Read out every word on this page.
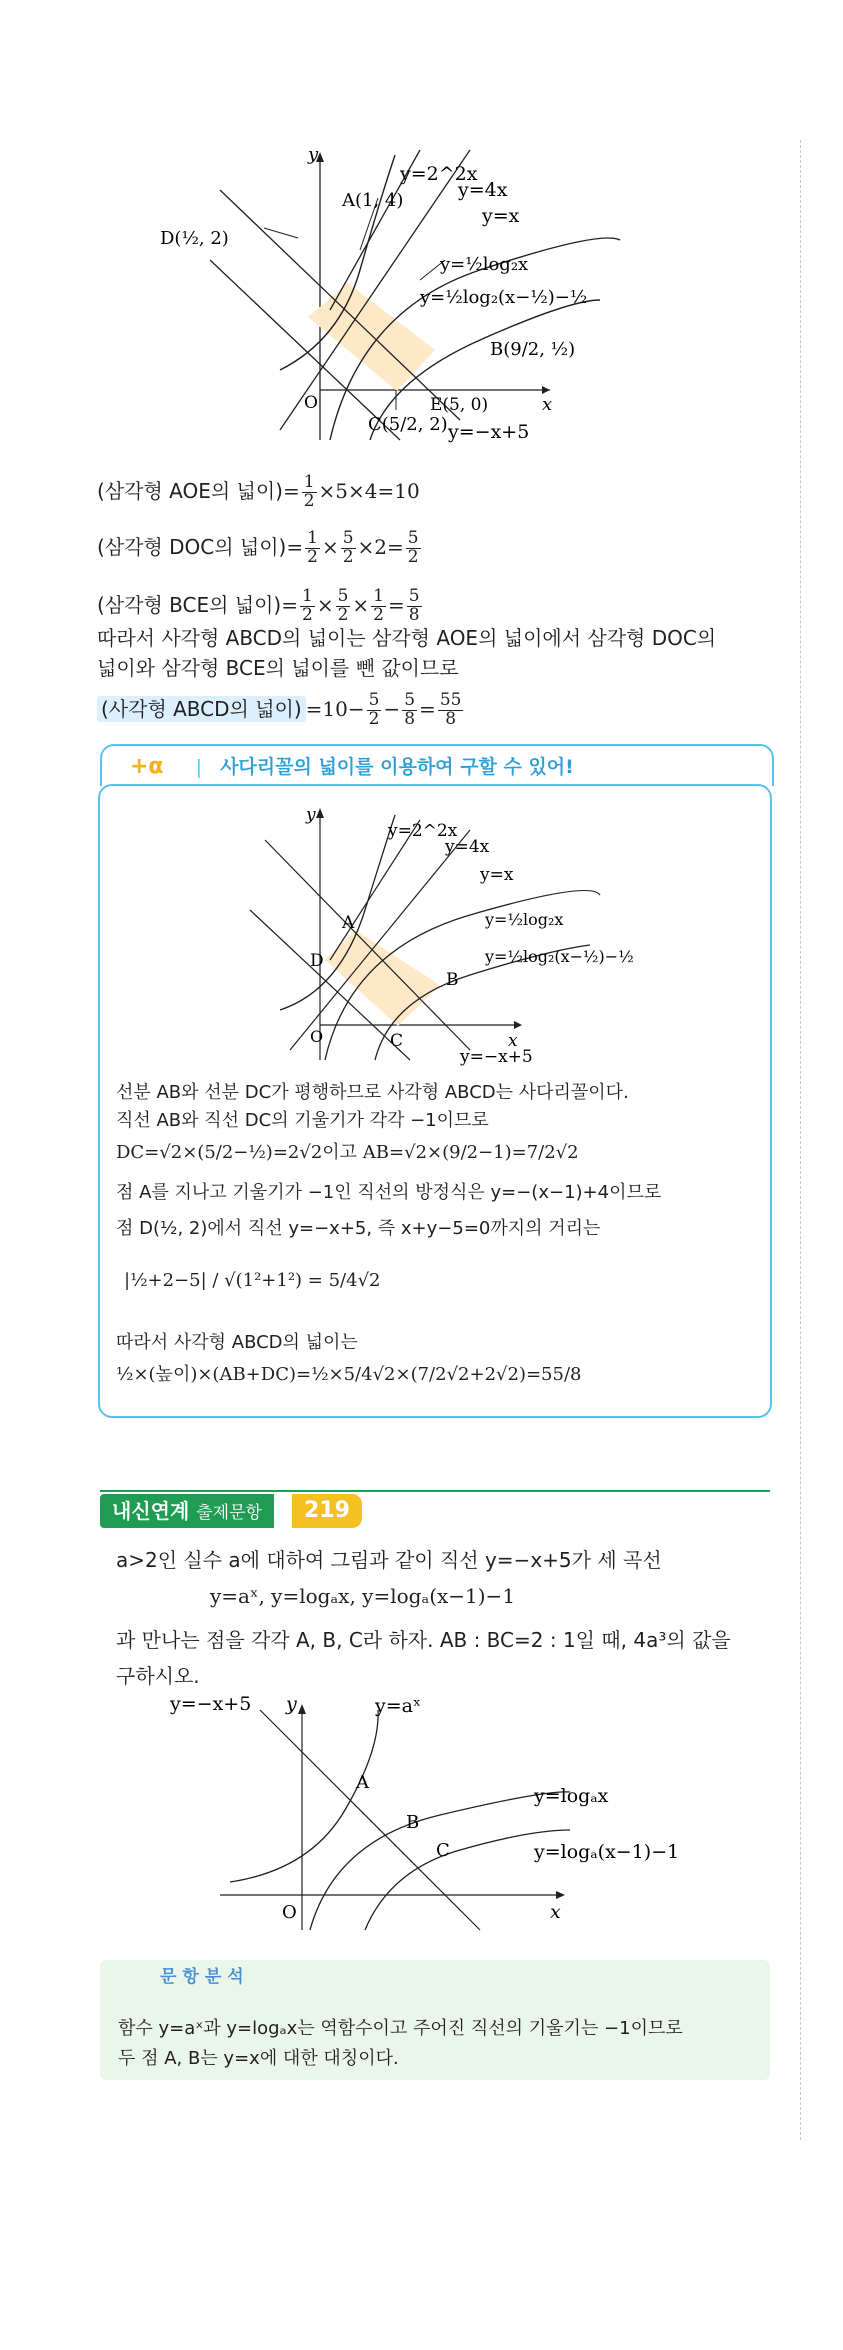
y
x
O
y=2^2x
y=4x
y=x
y=½log₂x
y=½log₂(x−½)−½
y=−x+5
A(1, 4)
D(½, 2)
B(9/2, ½)
C(5/2, 2)
E(5, 0)
(삼각형 AOE의 넓이)= $\frac{1}{2} \times 5\times 4=10$
(삼각형 DOC의 넓이)= $\frac{1}{2} \times \frac{5}{2} \times 2= \frac{5}{2}$
(삼각형 BCE의 넓이)= $\frac{1}{2} \times \frac{5}{2} \times \frac{1}{2} = \frac{5}{8}$
따라서 사각형 ABCD의 넓이는 삼각형 AOE의 넓이에서 삼각형 DOC의
넓이와 삼각형 BCE의 넓이를 뺀 값이므로
(사각형 ABCD의 넓이) $=10- \frac{5}{2} - \frac{5}{8} = \frac{55}{8}$
+α | 사다리꼴의 넓이를 이용하여 구할 수 있어!
y
x
O
y=2^2x
y=4x
y=x
y=½log₂x
y=½log₂(x−½)−½
y=−x+5
A
D
B
C
선분 AB와 선분 DC가 평행하므로 사각형 ABCD는 사다리꼴이다.
직선 AB와 직선 DC의 기울기가 각각 −1이므로
DC=√2×(5/2−½)=2√2이고 AB=√2×(9/2−1)=7/2√2
점 A를 지나고 기울기가 −1인 직선의 방정식은 y=−(x−1)+4이므로
점 D(½, 2)에서 직선 y=−x+5, 즉 x+y−5=0까지의 거리는
|½+2−5| / √(1²+1²) = 5/4√2
따라서 사각형 ABCD의 넓이는
½×(높이)×(AB+DC)=½×5/4√2×(7/2√2+2√2)=55/8
내신연계 출제문항	219
a>2인 실수 a에 대하여 그림과 같이 직선 y=−x+5가 세 곡선
y=aˣ, y=logₐx, y=logₐ(x−1)−1
과 만나는 점을 각각 A, B, C라 하자. AB : BC=2 : 1일 때, 4a³의 값을
구하시오.
y=−x+5 y	y=aˣ
A
B
C
y=logₐx
y=logₐ(x−1)−1
O	x
문항분석
함수 y=aˣ과 y=logₐx는 역함수이고 주어진 직선의 기울기는 −1이므로
두 점 A, B는 y=x에 대한 대칭이다.
